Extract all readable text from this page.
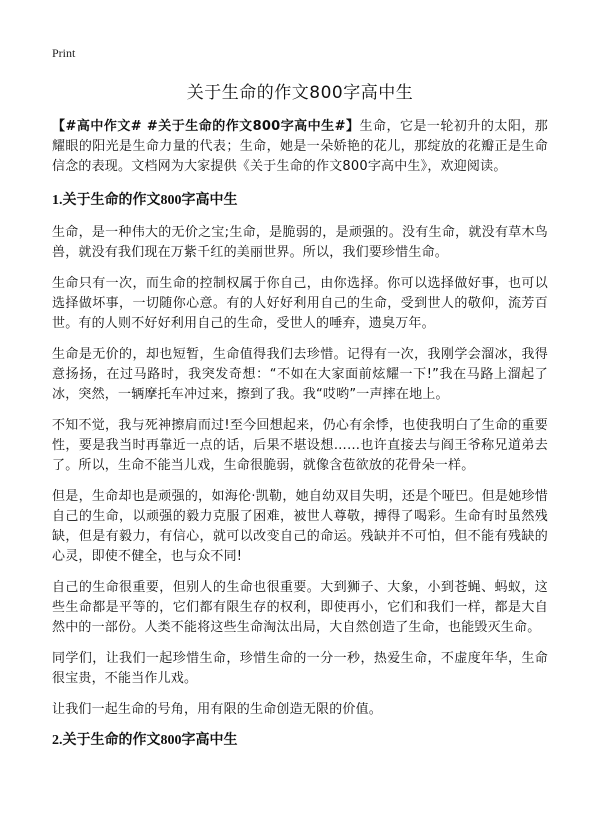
Print
关于生命的作文800字高中生

【#高中作文# #关于生命的作文800字高中生#】生命，它是一轮初升的太阳，那耀眼的阳光是生命力量的代表；生命，她是一朵娇艳的花儿，那绽放的花瓣正是生命信念的表现。文档网为大家提供《关于生命的作文800字高中生》，欢迎阅读。

1.关于生命的作文800字高中生

生命，是一种伟大的无价之宝;生命，是脆弱的，是顽强的。没有生命，就没有草木鸟兽，就没有我们现在万紫千红的美丽世界。所以，我们要珍惜生命。

生命只有一次，而生命的控制权属于你自己，由你选择。你可以选择做好事，也可以选择做坏事，一切随你心意。有的人好好利用自己的生命，受到世人的敬仰，流芳百世。有的人则不好好利用自己的生命，受世人的唾弃，遗臭万年。

生命是无价的，却也短暂，生命值得我们去珍惜。记得有一次，我刚学会溜冰，我得意扬扬，在过马路时，我突发奇想：“不如在大家面前炫耀一下!”我在马路上溜起了冰，突然，一辆摩托车冲过来，擦到了我。我“哎哟”一声摔在地上。

不知不觉，我与死神擦肩而过!至今回想起来，仍心有余悸，也使我明白了生命的重要性，要是我当时再靠近一点的话，后果不堪设想……也许直接去与阎王爷称兄道弟去了。所以，生命不能当儿戏，生命很脆弱，就像含苞欲放的花骨朵一样。

但是，生命却也是顽强的，如海伦·凯勒，她自幼双目失明，还是个哑巴。但是她珍惜自己的生命，以顽强的毅力克服了困难，被世人尊敬，搏得了喝彩。生命有时虽然残缺，但是有毅力，有信心，就可以改变自己的命运。残缺并不可怕，但不能有残缺的心灵，即使不健全，也与众不同!

自己的生命很重要，但别人的生命也很重要。大到狮子、大象，小到苍蝇、蚂蚁，这些生命都是平等的，它们都有限生存的权利，即使再小，它们和我们一样，都是大自然中的一部份。人类不能将这些生命淘汰出局，大自然创造了生命，也能毁灭生命。

同学们，让我们一起珍惜生命，珍惜生命的一分一秒，热爱生命，不虚度年华，生命很宝贵，不能当作儿戏。

让我们一起生命的号角，用有限的生命创造无限的价值。

2.关于生命的作文800字高中生
